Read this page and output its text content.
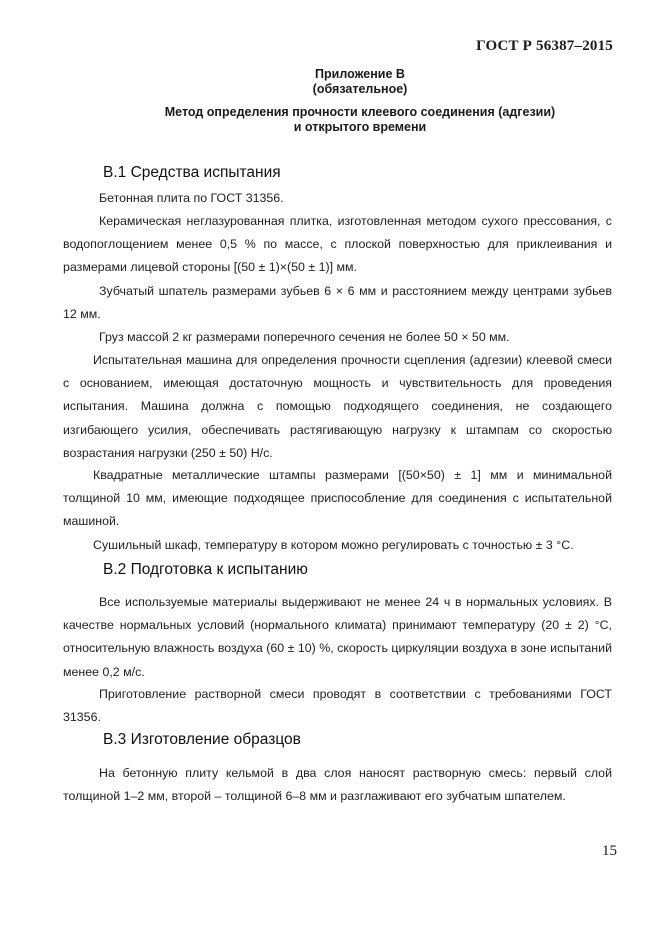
ГОСТ Р 56387–2015
Приложение В
(обязательное)
Метод определения прочности клеевого соединения (адгезии)
и открытого времени
В.1 Средства испытания
Бетонная плита по ГОСТ 31356.
Керамическая неглазурованная плитка, изготовленная методом сухого прессования, с водопоглощением менее 0,5 % по массе, с плоской поверхностью для приклеивания и размерами лицевой стороны [(50 ± 1)×(50 ± 1)] мм.
Зубчатый шпатель размерами зубьев 6 × 6 мм и расстоянием между центрами зубьев 12 мм.
Груз массой 2 кг размерами поперечного сечения не более 50 × 50 мм.
Испытательная машина для определения прочности сцепления (адгезии) клеевой смеси с основанием, имеющая достаточную мощность и чувствительность для проведения испытания. Машина должна с помощью подходящего соединения, не создающего изгибающего усилия, обеспечивать растягивающую нагрузку к штампам со скоростью возрастания нагрузки (250 ± 50) Н/с.
Квадратные металлические штампы размерами [(50×50) ± 1] мм и минимальной толщиной 10 мм, имеющие подходящее приспособление для соединения с испытательной машиной.
Сушильный шкаф, температуру в котором можно регулировать с точностью ± 3 °С.
В.2 Подготовка к испытанию
Все используемые материалы выдерживают не менее 24 ч в нормальных условиях. В качестве нормальных условий (нормального климата) принимают температуру (20 ± 2) °С, относительную влажность воздуха (60 ± 10) %, скорость циркуляции воздуха в зоне испытаний менее 0,2 м/с.
Приготовление растворной смеси проводят в соответствии с требованиями ГОСТ 31356.
В.3 Изготовление образцов
На бетонную плиту кельмой в два слоя наносят растворную смесь: первый слой толщиной 1–2 мм, второй – толщиной 6–8 мм и разглаживают его зубчатым шпателем.
15
